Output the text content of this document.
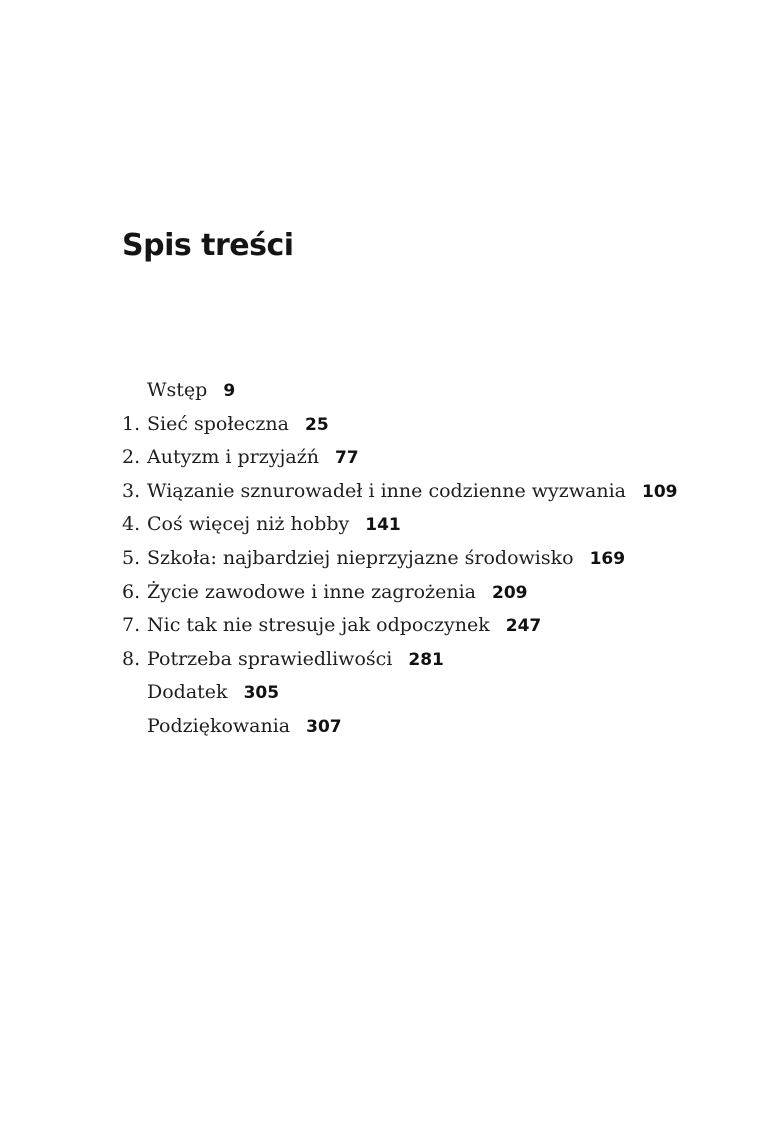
Spis treści
Wstęp 9
1. Sieć społeczna 25
2. Autyzm i przyjaźń 77
3. Wiązanie sznurowadeł i inne codzienne wyzwania 109
4. Coś więcej niż hobby 141
5. Szkoła: najbardziej nieprzyjazne środowisko 169
6. Życie zawodowe i inne zagrożenia 209
7. Nic tak nie stresuje jak odpoczynek 247
8. Potrzeba sprawiedliwości 281
Dodatek 305
Podziękowania 307
